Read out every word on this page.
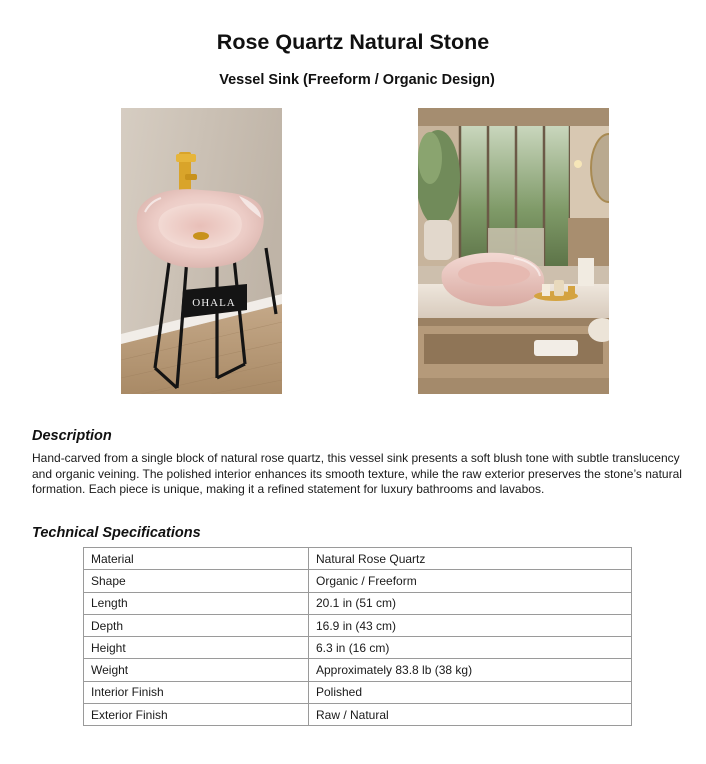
Rose Quartz Natural Stone
Vessel Sink (Freeform / Organic Design)
OHALA
Description

Hand-carved from a single block of natural rose quartz, this vessel sink presents a soft blush tone with subtle translucency and organic veining. The polished interior enhances its smooth texture, while the raw exterior preserves the stone’s natural formation. Each piece is unique, making it a refined statement for luxury bathrooms and lavabos.

Technical Specifications
Material	Natural Rose Quartz
Shape	Organic / Freeform
Length	20.1 in (51 cm)
Depth	16.9 in (43 cm)
Height	6.3 in (16 cm)
Weight	Approximately 83.8 lb (38 kg)
Interior Finish	Polished
Exterior Finish	Raw / Natural
